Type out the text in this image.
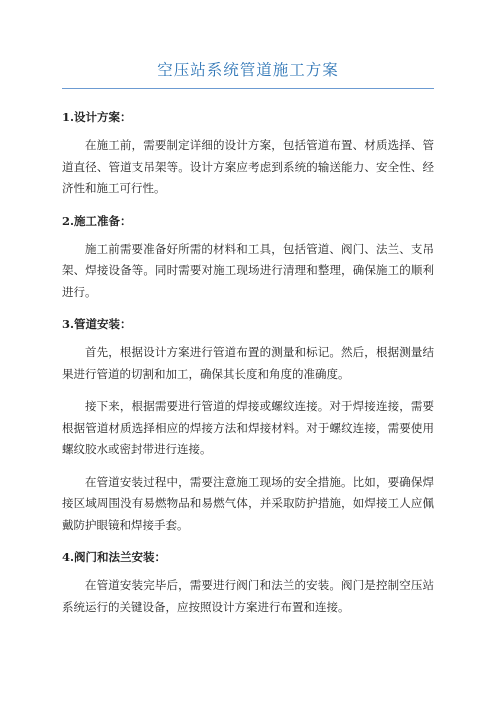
空压站系统管道施工方案
1.设计方案：

在施工前，需要制定详细的设计方案，包括管道布置、材质选择、管道直径、管道支吊架等。设计方案应考虑到系统的输送能力、安全性、经济性和施工可行性。

2.施工准备：

施工前需要准备好所需的材料和工具，包括管道、阀门、法兰、支吊架、焊接设备等。同时需要对施工现场进行清理和整理，确保施工的顺利进行。

3.管道安装：

首先，根据设计方案进行管道布置的测量和标记。然后，根据测量结果进行管道的切割和加工，确保其长度和角度的准确度。

接下来，根据需要进行管道的焊接或螺纹连接。对于焊接连接，需要根据管道材质选择相应的焊接方法和焊接材料。对于螺纹连接，需要使用螺纹胶水或密封带进行连接。

在管道安装过程中，需要注意施工现场的安全措施。比如，要确保焊接区域周围没有易燃物品和易燃气体，并采取防护措施，如焊接工人应佩戴防护眼镜和焊接手套。

4.阀门和法兰安装：

在管道安装完毕后，需要进行阀门和法兰的安装。阀门是控制空压站系统运行的关键设备，应按照设计方案进行布置和连接。
